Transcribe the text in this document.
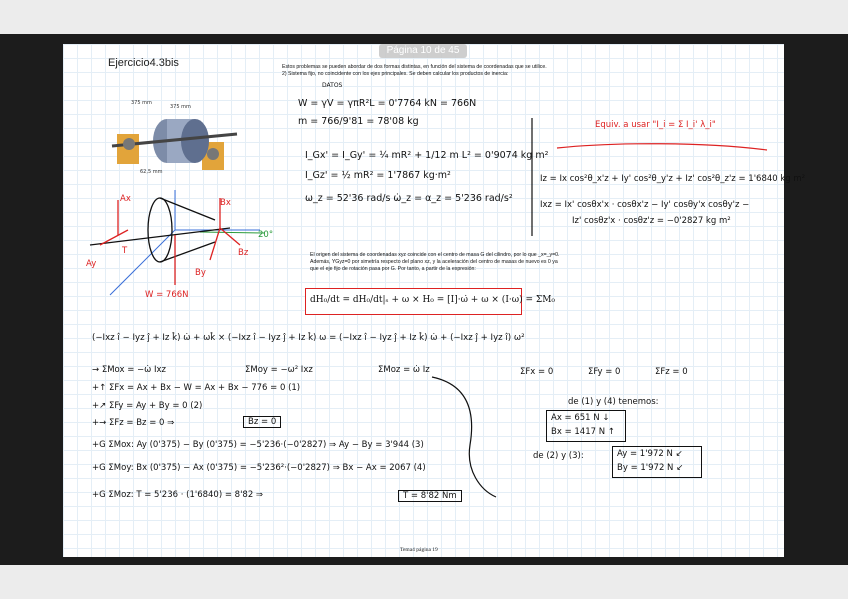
Página 10 de 45
Ejercicio4.3bis	Estos problemas se pueden abordar de dos formas distintas, en función del sistema de coordenadas que se utilice.
2) Sistema fijo, no coincidente con los ejes principales. Se deben calcular los productos de inercia:
375 mm
375 mm
62,5 mm
Ax
Ay
Bx
By
Bz
T
W = 766N
20°
DATOS
W = γV = γπR²L = 0'7764 kN = 766N
m = 766/9'81 = 78'08 kg
I_Gx' = I_Gy' = ¼ mR² + 1/12 m L² = 0'9074 kg m²
I_Gz' = ½ mR² = 1'7867 kg·m²
ω_z = 52'36 rad/s ω̇_z = α_z = 5'236 rad/s²
Equiv. a usar "I_i = Σ I_i' λ_i"
Iz = Ix cos²θ_x'z + Iy' cos²θ_y'z + Iz' cos²θ_z'z = 1'6840 kg m²
Ixz = Ix' cosθx'x · cosθx'z − Iy' cosθy'x cosθy'z −
Iz' cosθz'x · cosθz'z = −0'2827 kg m²
El origen del sistema de coordenadas xyz coincide con el centro de masa G del cilindro, por lo que _x=_y=0. Además, YGyz=0 por simetría respecto del plano xz, y la aceleración del centro de masas de nuevo es 0 ya que el eje fijo de rotación pasa por G. Por tanto, a partir de la expresión:
dH₀/dt = dH₀/dt|ₛ + ω × H₀ = [I]·ω̇ + ω × (I·ω) = ΣM₀
(−Ixz î − Iyz ĵ + Iz k̂) ω̇ + ωk̂ × (−Ixz î − Iyz ĵ + Iz k̂) ω = (−Ixz î − Iyz ĵ + Iz k̂) ω̇ + (−Ixz ĵ + Iyz î) ω²
→ ΣMox = −ω̇ Ixz	ΣMoy = −ω² Ixz	ΣMoz = ω̇ Iz	ΣFx = 0	ΣFy = 0	ΣFz = 0
+↑ ΣFx = Ax + Bx − W = Ax + Bx − 776 = 0 (1)
+↗ ΣFy = Ay + By = 0 (2)
+→ ΣFz = Bz = 0 ⇒	Bz = 0
+G ΣMox: Ay (0'375) − By (0'375) = −5'236·(−0'2827) ⇒ Ay − By = 3'944 (3)
+G ΣMoy: Bx (0'375) − Ax (0'375) = −5'236²·(−0'2827) ⇒ Bx − Ax = 2067 (4)
+G ΣMoz: T = 5'236 · (1'6840) = 8'82 ⇒	T = 8'82 Nm
de (1) y (4) tenemos:
Ax = 651 N ↓
Bx = 1417 N ↑
de (2) y (3):	Ay = 1'972 N ↙
By = 1'972 N ↙
Tema4 página 19
